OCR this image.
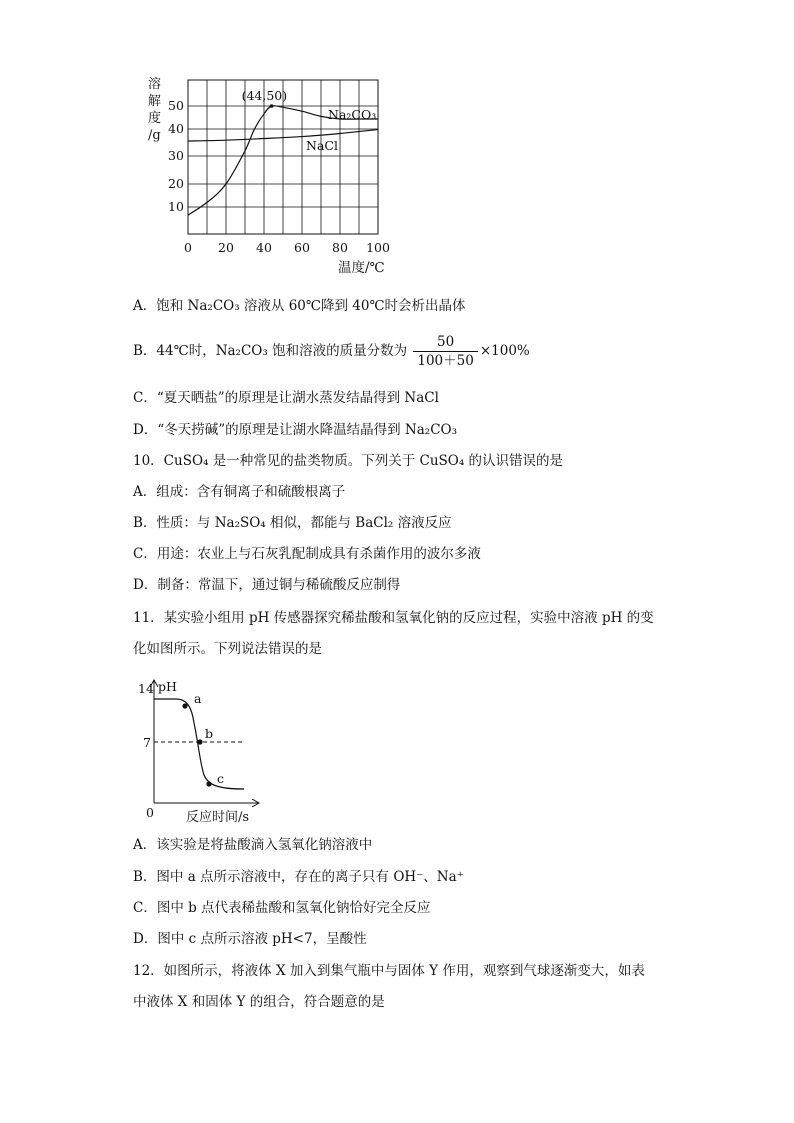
溶
解
度
/g
10
20
30
40
50
0 20 40 60 80 100
(44,50)
Na₂CO₃
NaCl
温度/℃
A．饱和 Na₂CO₃ 溶液从 60℃降到 40℃时会析出晶体
B．44℃时，Na₂CO₃ 饱和溶液的质量分数为 $\frac{50}{100+50} \times 100\%$
C．“夏天晒盐”的原理是让湖水蒸发结晶得到 NaCl
D．“冬天捞碱”的原理是让湖水降温结晶得到 Na₂CO₃
10．CuSO₄ 是一种常见的盐类物质。下列关于 CuSO₄ 的认识错误的是
A．组成：含有铜离子和硫酸根离子
B．性质：与 Na₂SO₄ 相似，都能与 BaCl₂ 溶液反应
C．用途：农业上与石灰乳配制成具有杀菌作用的波尔多液
D．制备：常温下，通过铜与稀硫酸反应制得
11．某实验小组用 pH 传感器探究稀盐酸和氢氧化钠的反应过程，实验中溶液 pH 的变
化如图所示。下列说法错误的是
14 pH
7
0 反应时间/s
a
b
c
A．该实验是将盐酸滴入氢氧化钠溶液中
B．图中 a 点所示溶液中，存在的离子只有 OH⁻、Na⁺
C．图中 b 点代表稀盐酸和氢氧化钠恰好完全反应
D．图中 c 点所示溶液 pH<7，呈酸性
12．如图所示，将液体 X 加入到集气瓶中与固体 Y 作用，观察到气球逐渐变大，如表
中液体 X 和固体 Y 的组合，符合题意的是
